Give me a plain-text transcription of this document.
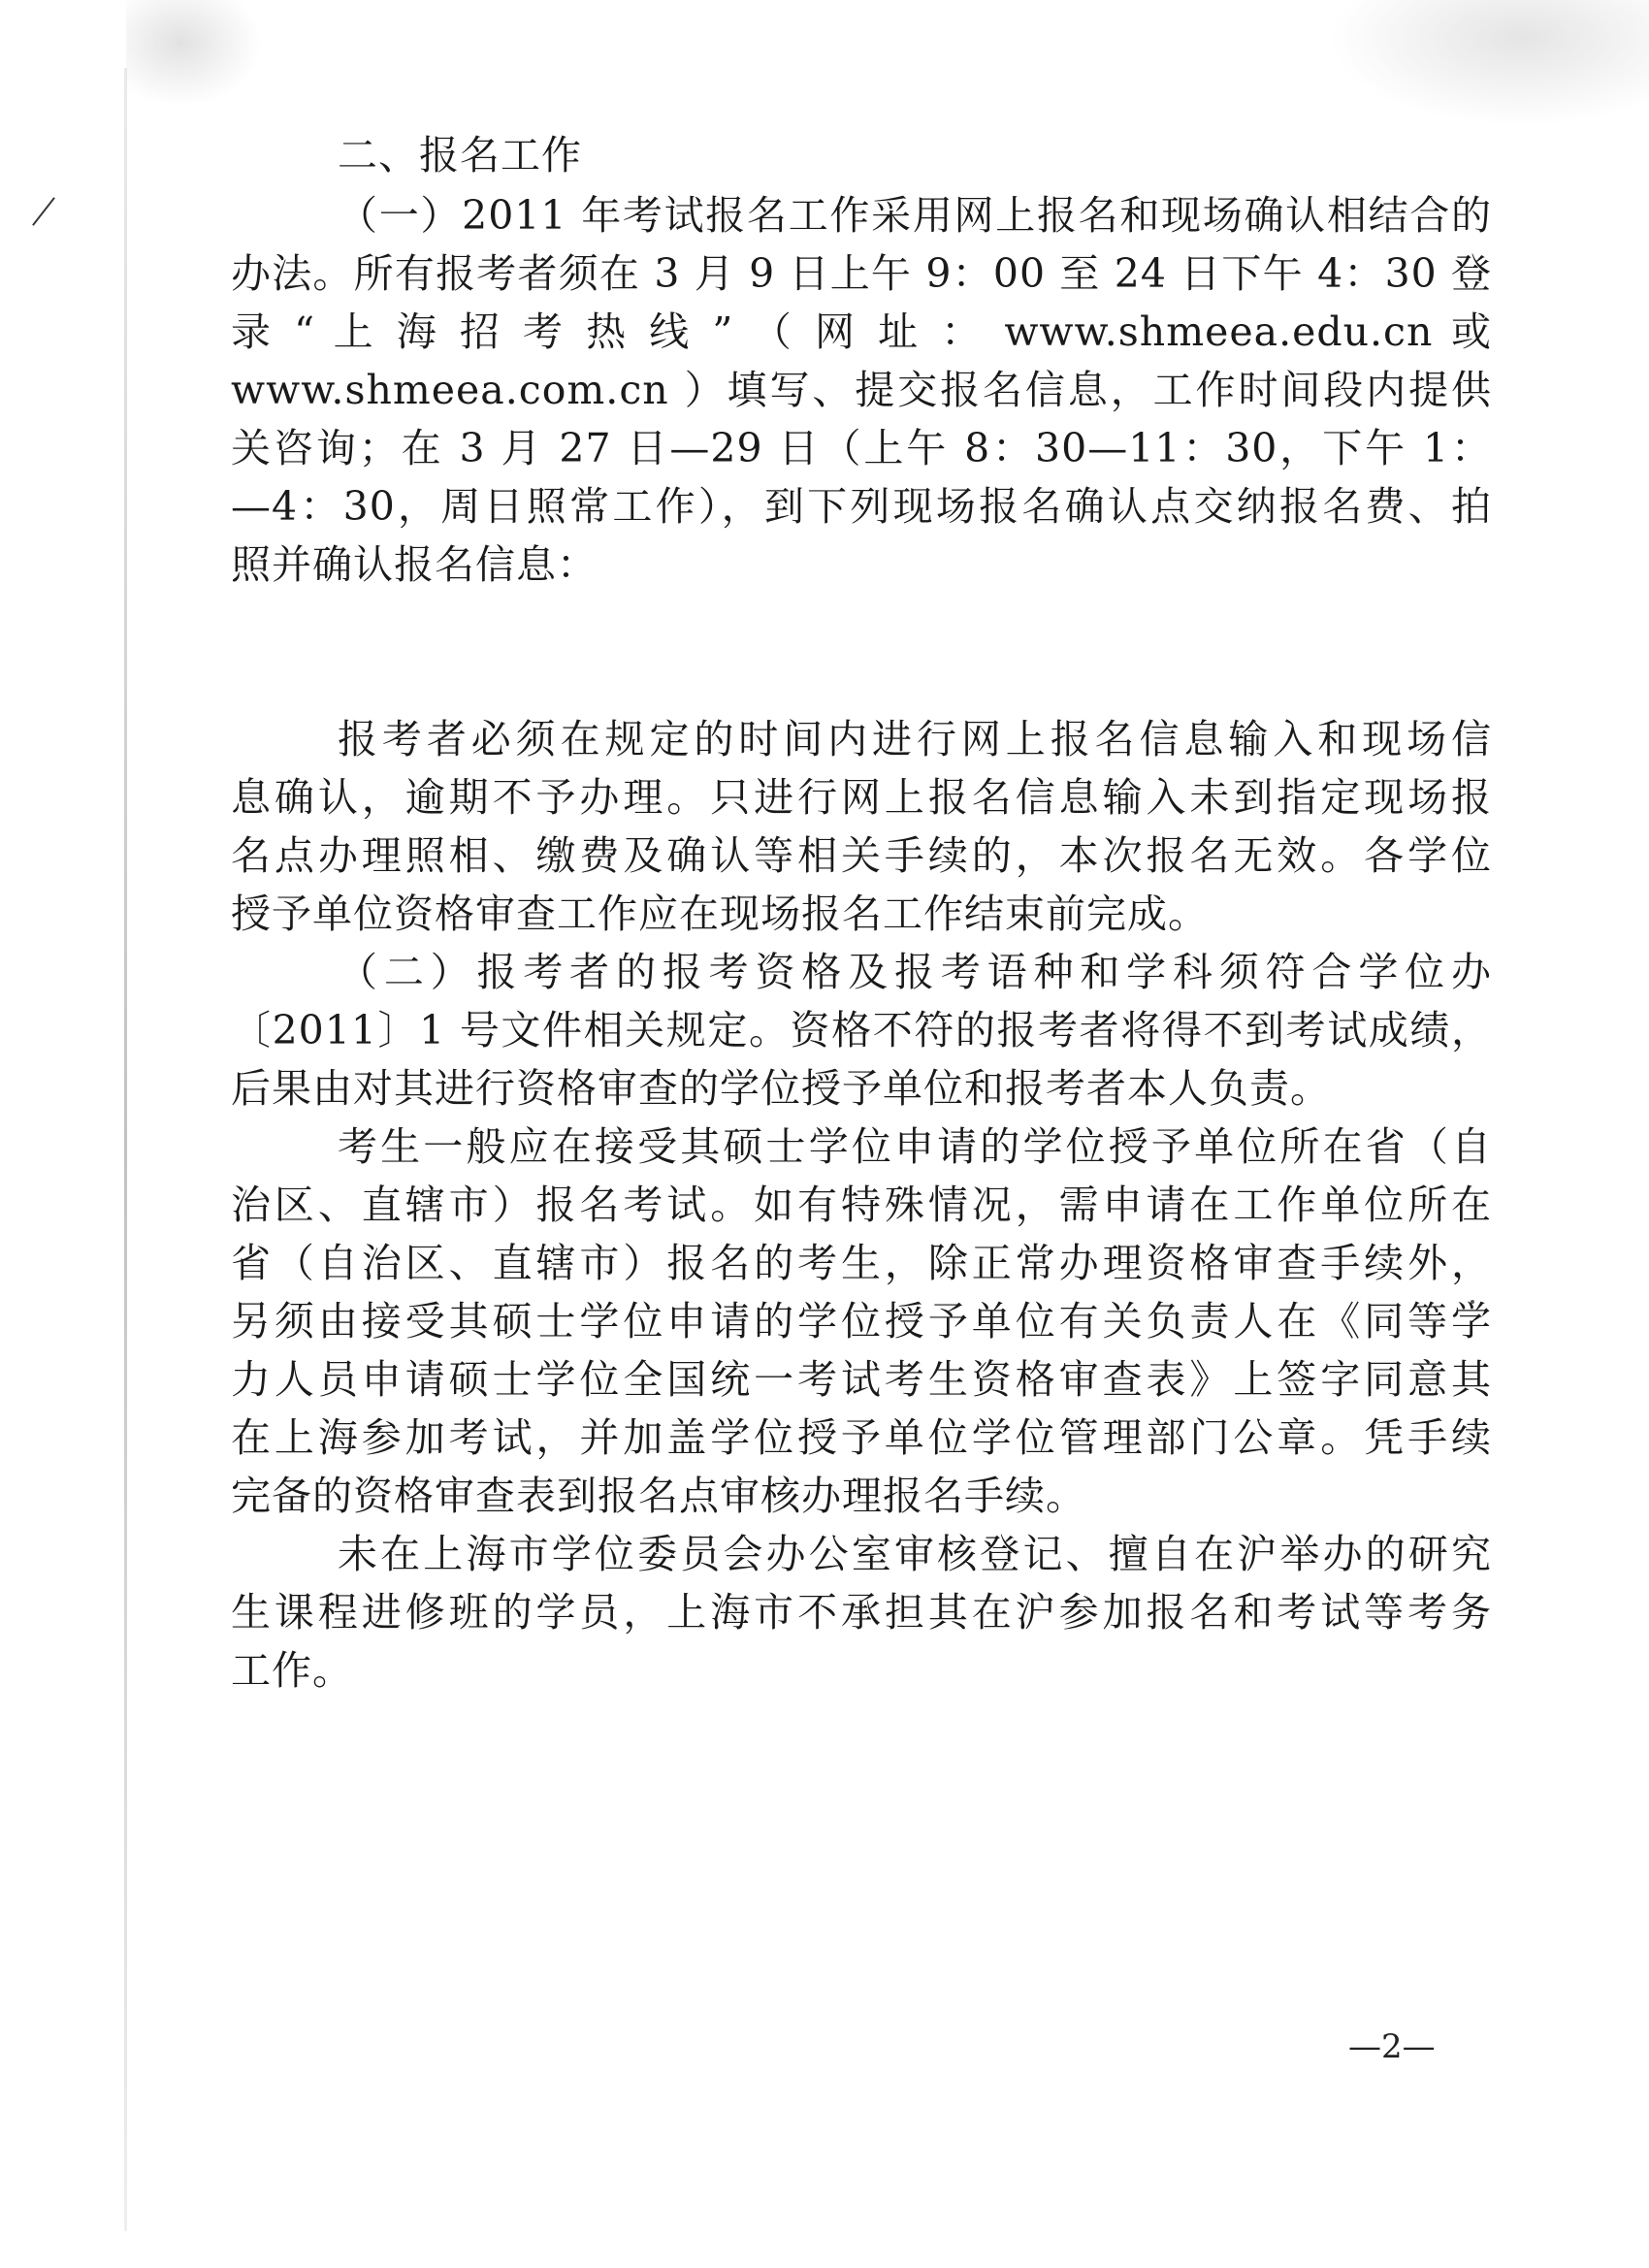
二、报名工作
（一）2011 年考试报名工作采用网上报名和现场确认相结合的
办法。所有报考者须在 3 月 9 日上午 9：00 至 24 日下午 4：30 登
录 “ 上 海 招 考 热 线 ” （ 网 址 ： www.shmeea.edu.cn 或
www.shmeea.com.cn ）填写、提交报名信息，工作时间段内提供
关咨询；在 3 月 27 日—29 日（上午 8：30—11：30，下午 1：
—4：30，周日照常工作），到下列现场报名确认点交纳报名费、拍
照并确认报名信息：
报考者必须在规定的时间内进行网上报名信息输入和现场信
息确认，逾期不予办理。只进行网上报名信息输入未到指定现场报
名点办理照相、缴费及确认等相关手续的，本次报名无效。各学位
授予单位资格审查工作应在现场报名工作结束前完成。
（二）报考者的报考资格及报考语种和学科须符合学位办
〔2011〕1 号文件相关规定。资格不符的报考者将得不到考试成绩，
后果由对其进行资格审查的学位授予单位和报考者本人负责。
考生一般应在接受其硕士学位申请的学位授予单位所在省（自
治区、直辖市）报名考试。如有特殊情况，需申请在工作单位所在
省（自治区、直辖市）报名的考生，除正常办理资格审查手续外，
另须由接受其硕士学位申请的学位授予单位有关负责人在《同等学
力人员申请硕士学位全国统一考试考生资格审查表》上签字同意其
在上海参加考试，并加盖学位授予单位学位管理部门公章。凭手续
完备的资格审查表到报名点审核办理报名手续。
未在上海市学位委员会办公室审核登记、擅自在沪举办的研究
生课程进修班的学员，上海市不承担其在沪参加报名和考试等考务
工作。
—2—
